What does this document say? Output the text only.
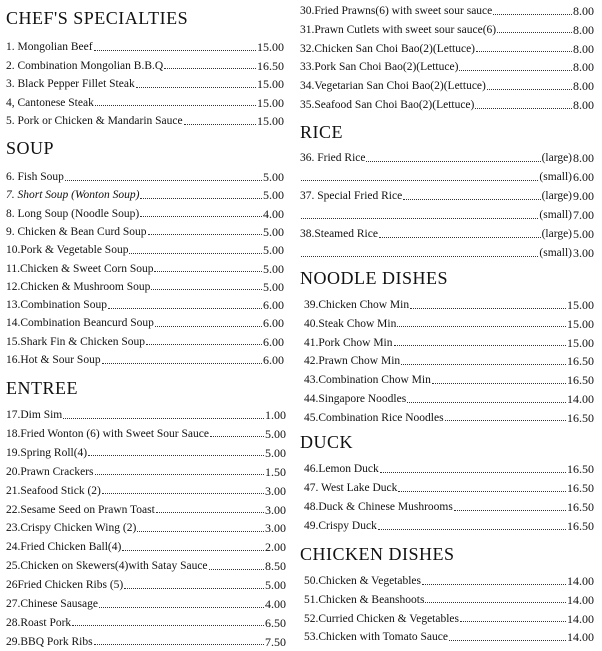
CHEF'S SPECIALTIES
1. Mongolian Beef	15.00
2. Combination Mongolian B.B.Q	16.50
3. Black Pepper Fillet Steak	15.00
4, Cantonese Steak	15.00
5. Pork or Chicken & Mandarin Sauce	15.00
SOUP
6. Fish Soup	5.00
7. Short Soup (Wonton Soup)	5.00
8. Long Soup (Noodle Soup)	4.00
9. Chicken & Bean Curd Soup	5.00
10.Pork & Vegetable Soup	5.00
11.Chicken & Sweet Corn Soup	5.00
12.Chicken & Mushroom Soup	5.00
13.Combination Soup	6.00
14.Combination Beancurd Soup	6.00
15.Shark Fin & Chicken Soup	6.00
16.Hot & Sour Soup	6.00
ENTREE
17.Dim Sim	1.00
18.Fried Wonton (6) with Sweet Sour Sauce	5.00
19.Spring Roll(4)	5.00
20.Prawn Crackers	1.50
21.Seafood Stick (2)	3.00
22.Sesame Seed on Prawn Toast	3.00
23.Crispy Chicken Wing (2)	3.00
24.Fried Chicken Ball(4)	2.00
25.Chicken on Skewers(4)with Satay Sauce	8.50
26Fried Chicken Ribs (5)	5.00
27.Chinese Sausage	4.00
28.Roast Pork	6.50
29.BBQ Pork Ribs	7.50
30.Fried Prawns(6) with sweet sour sauce	8.00
31.Prawn Cutlets with sweet sour sauce(6)	8.00
32.Chicken San Choi Bao(2)(Lettuce)	8.00
33.Pork San Choi Bao(2)(Lettuce)	8.00
34.Vegetarian San Choi Bao(2)(Lettuce)	8.00
35.Seafood San Choi Bao(2)(Lettuce)	8.00
RICE
36. Fried Rice	(large) 8.00
(small) 6.00
37. Special Fried Rice	(large) 9.00
(small) 7.00
38.Steamed Rice	(large) 5.00
(small) 3.00
NOODLE DISHES
39.Chicken Chow Min	15.00
40.Steak Chow Min	15.00
41.Pork Chow Min	15.00
42.Prawn Chow Min	16.50
43.Combination Chow Min	16.50
44.Singapore Noodles	14.00
45.Combination Rice Noodles	16.50
DUCK
46.Lemon Duck	16.50
47. West Lake Duck	16.50
48.Duck & Chinese Mushrooms	16.50
49.Crispy Duck	16.50
CHICKEN DISHES
50.Chicken & Vegetables	14.00
51.Chicken & Beanshoots	14.00
52.Curried Chicken & Vegetables	14.00
53.Chicken with Tomato Sauce	14.00
